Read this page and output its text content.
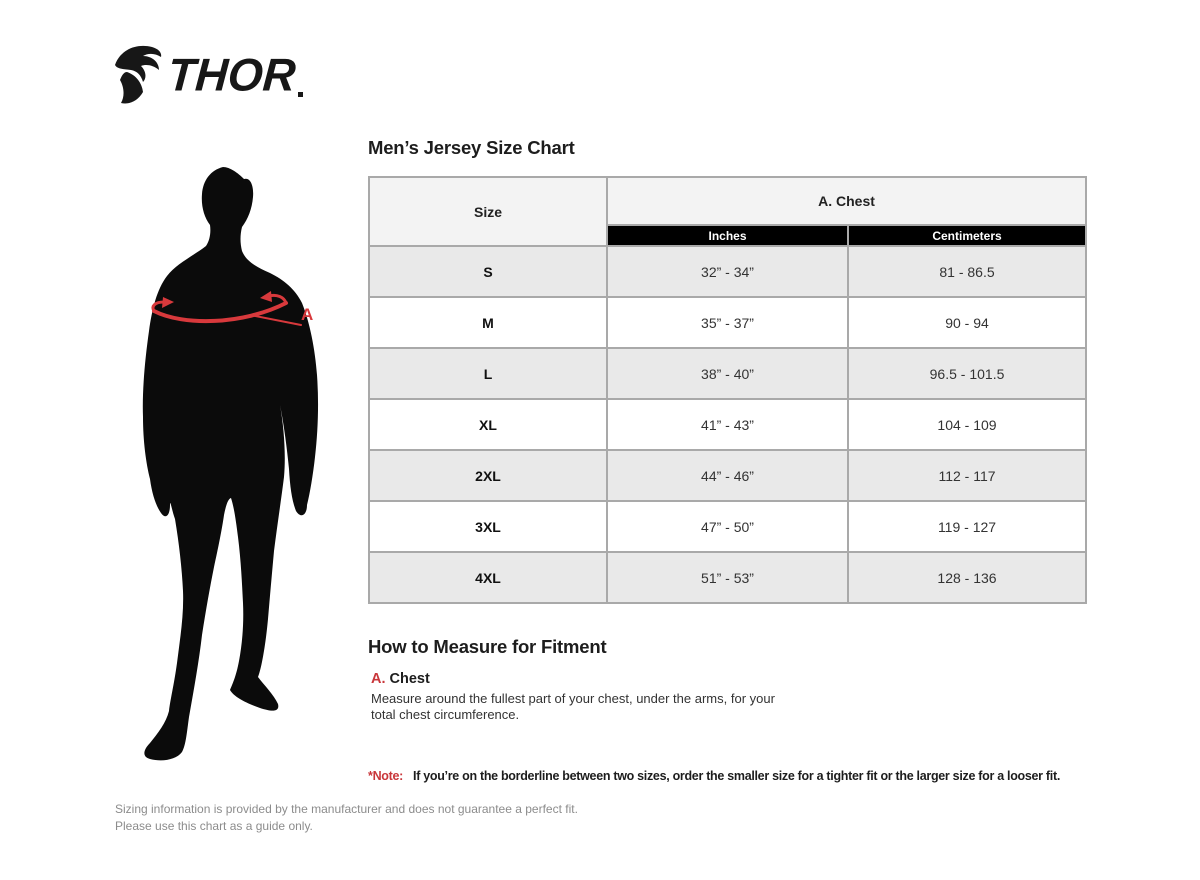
THOR
A
Men’s Jersey Size Chart
Size	A. Chest	
	Inches	Centimeters
S	32” - 34”	81 - 86.5
M	35” - 37”	90 - 94
L	38” - 40”	96.5 - 101.5
XL	41” - 43”	104 - 109
2XL	44” - 46”	112 - 117
3XL	47” - 50”	119 - 127
4XL	51” - 53”	128 - 136
How to Measure for Fitment
A. Chest

Measure around the fullest part of your chest, under the arms, for your total chest circumference.

*Note: If you’re on the borderline between two sizes, order the smaller size for a tighter fit or the larger size for a looser fit.

Sizing information is provided by the manufacturer and does not guarantee a perfect fit.
Please use this chart as a guide only.
